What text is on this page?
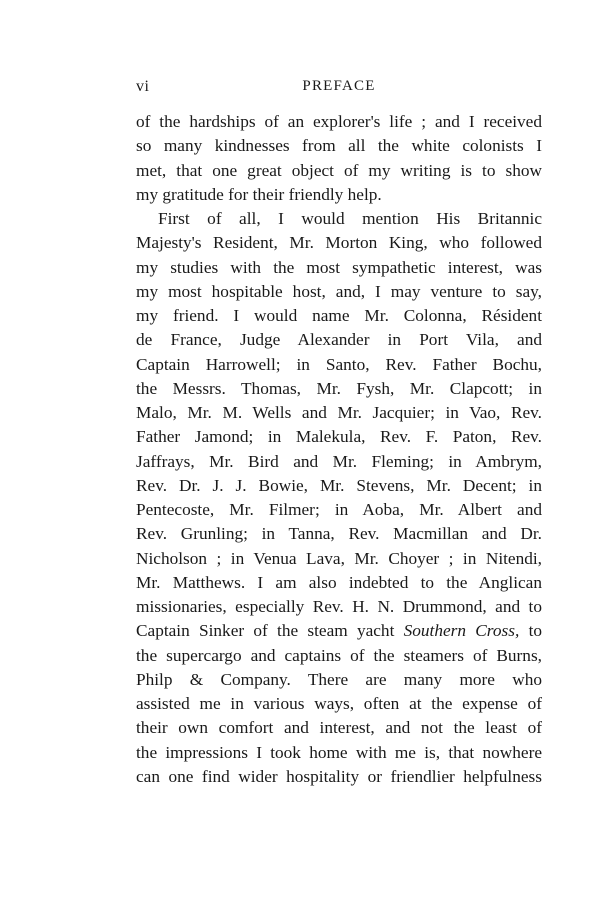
vi	PREFACE
of the hardships of an explorer's life ; and I received
so many kindnesses from all the white colonists I
met, that one great object of my writing is to show
my gratitude for their friendly help.
First of all, I would mention His Britannic
Majesty's Resident, Mr. Morton King, who followed
my studies with the most sympathetic interest, was
my most hospitable host, and, I may venture to say,
my friend. I would name Mr. Colonna, Résident
de France, Judge Alexander in Port Vila, and
Captain Harrowell; in Santo, Rev. Father Bochu,
the Messrs. Thomas, Mr. Fysh, Mr. Clapcott; in
Malo, Mr. M. Wells and Mr. Jacquier; in Vao, Rev.
Father Jamond; in Malekula, Rev. F. Paton, Rev.
Jaffrays, Mr. Bird and Mr. Fleming; in Ambrym,
Rev. Dr. J. J. Bowie, Mr. Stevens, Mr. Decent; in
Pentecoste, Mr. Filmer; in Aoba, Mr. Albert and
Rev. Grunling; in Tanna, Rev. Macmillan and Dr.
Nicholson ; in Venua Lava, Mr. Choyer ; in Nitendi,
Mr. Matthews. I am also indebted to the Anglican
missionaries, especially Rev. H. N. Drummond, and to
Captain Sinker of the steam yacht Southern Cross, to
the supercargo and captains of the steamers of Burns,
Philp & Company. There are many more who
assisted me in various ways, often at the expense of
their own comfort and interest, and not the least of
the impressions I took home with me is, that nowhere
can one find wider hospitality or friendlier helpfulness
